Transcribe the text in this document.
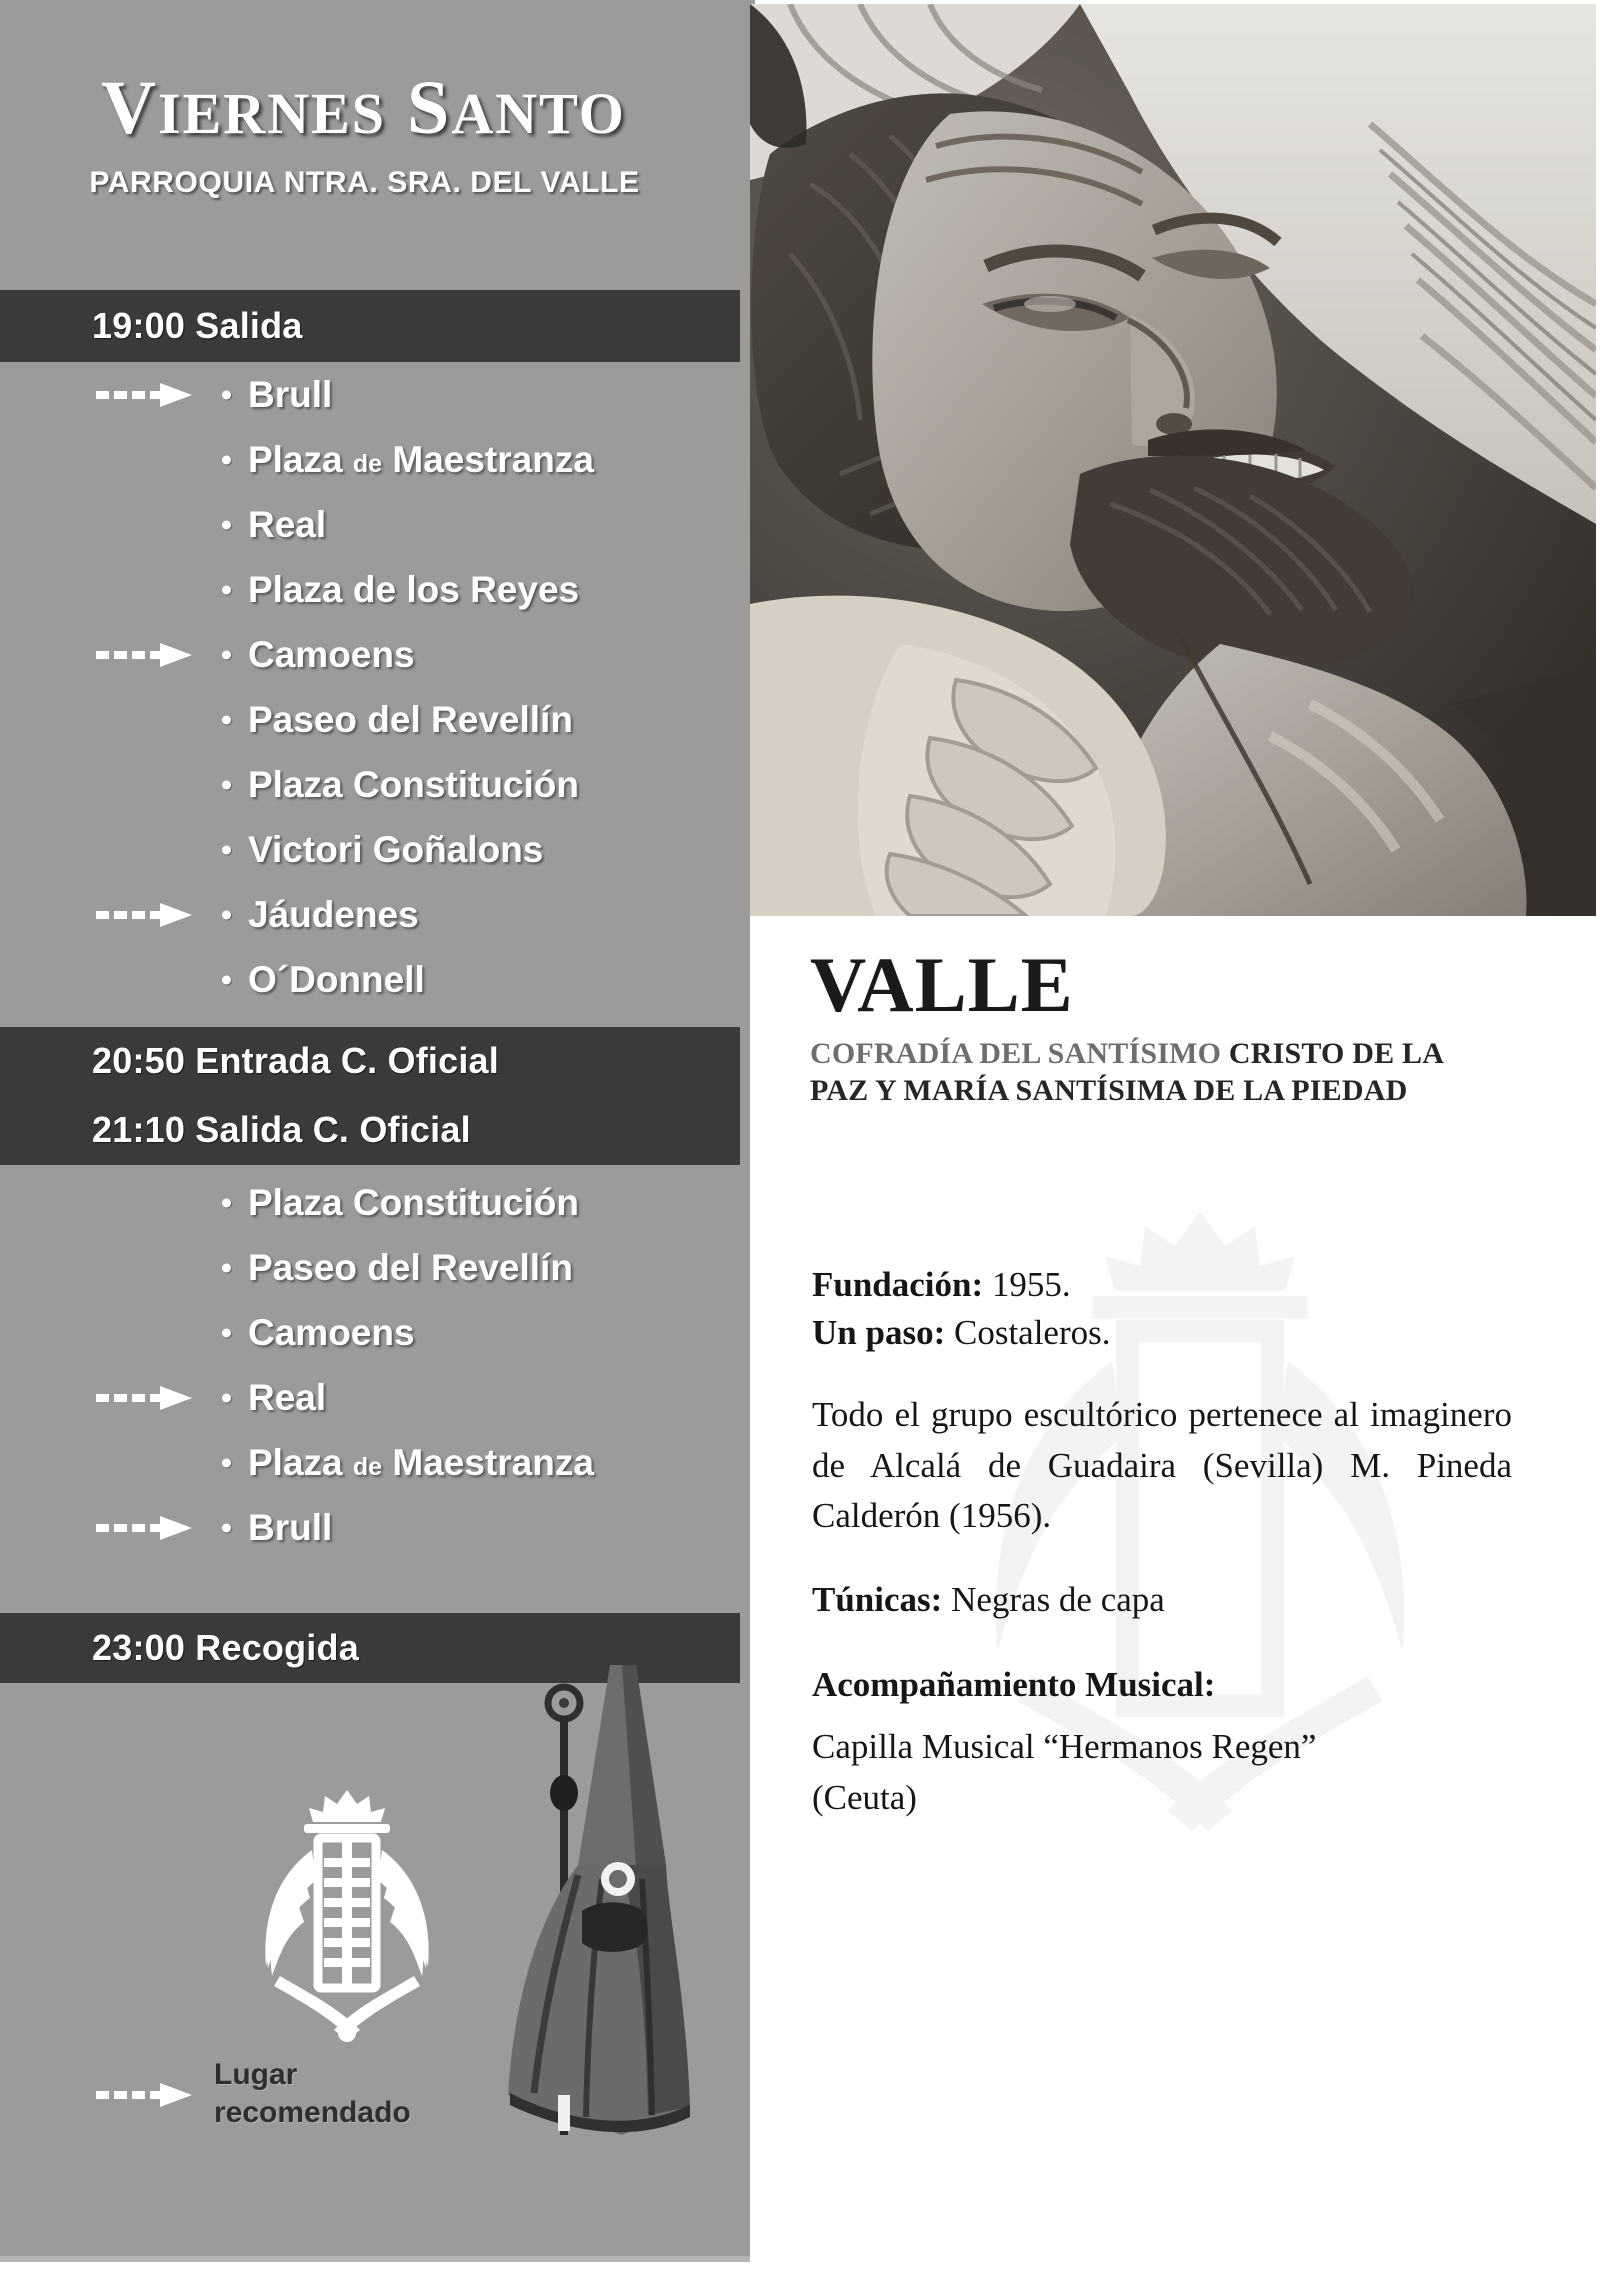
VIERNES SANTO
PARROQUIA NTRA. SRA. DEL VALLE
19:00 Salida
Brull
Plaza de Maestranza
Real
Plaza de los Reyes
Camoens
Paseo del Revellín
Plaza Constitución
Victori Goñalons
Jáudenes
O´Donnell
20:50 Entrada C. Oficial
21:10 Salida C. Oficial
Plaza Constitución
Paseo del Revellín
Camoens
Real
Plaza de Maestranza
Brull
23:00 Recogida
Lugar
recomendado
VALLE
COFRADÍA DEL SANTÍSIMO CRISTO DE LA
PAZ Y MARÍA SANTÍSIMA DE LA PIEDAD
Fundación: 1955.
Un paso: Costaleros.
Todo el grupo escultórico pertenece al imaginero de Alcalá de Guadaira (Sevilla) M. Pineda Calderón (1956).
Túnicas: Negras de capa
Acompañamiento Musical:
Capilla Musical “Hermanos Regen”
(Ceuta)
